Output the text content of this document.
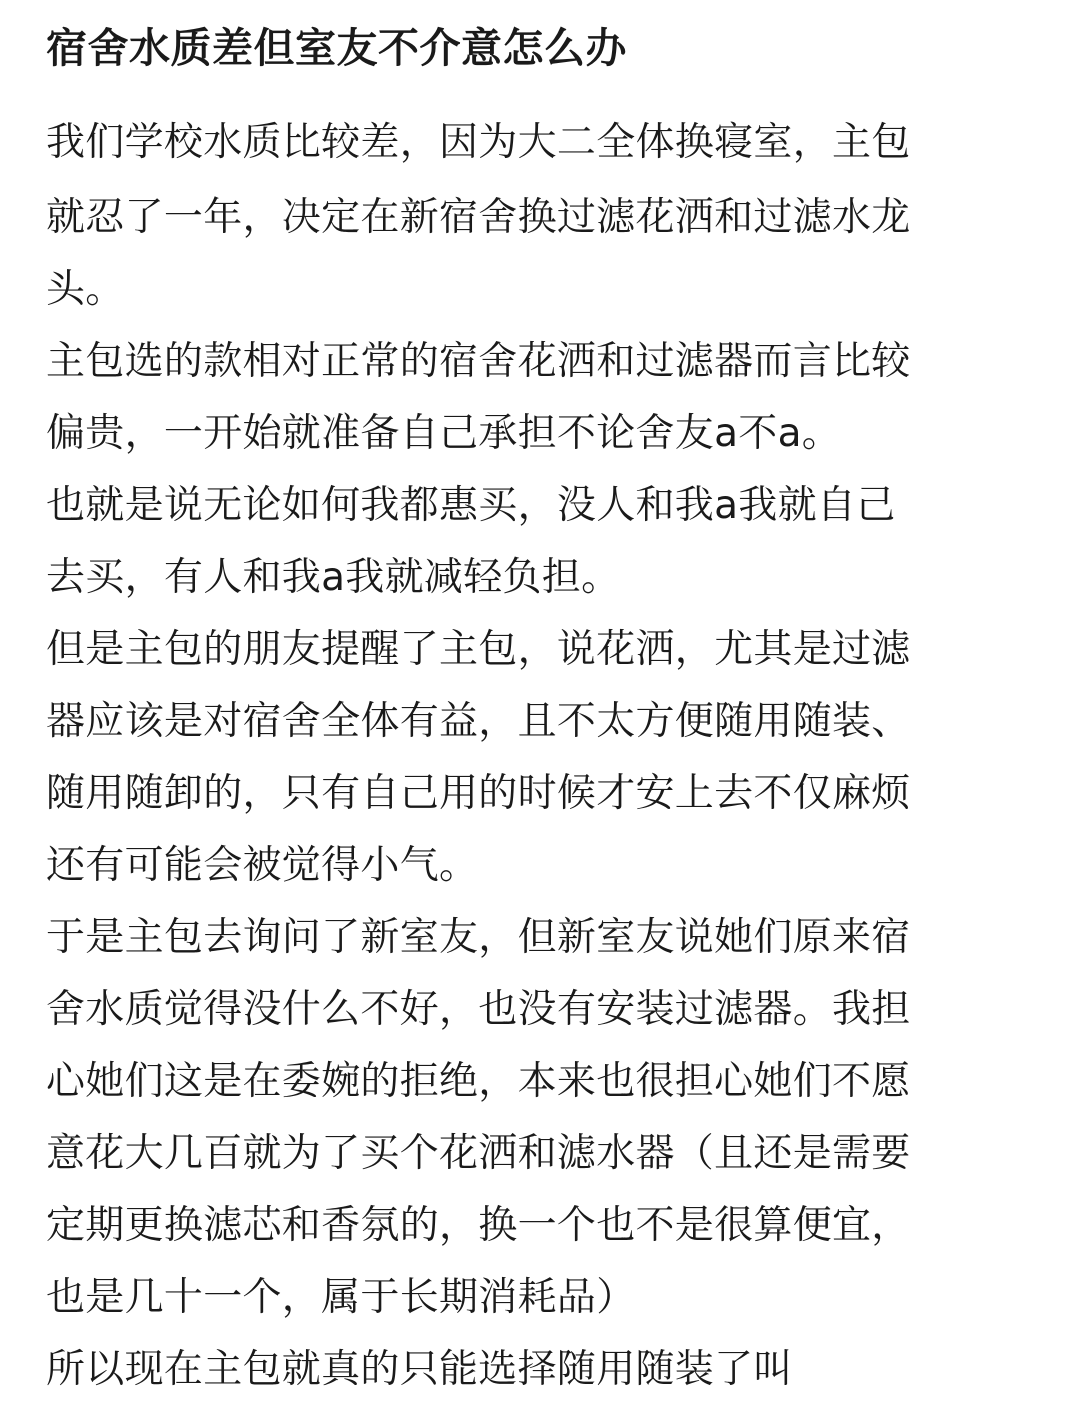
宿舍水质差但室友不介意怎么办
我们学校水质比较差，因为大二全体换寝室，主包
就忍了一年，决定在新宿舍换过滤花洒和过滤水龙
头。
主包选的款相对正常的宿舍花洒和过滤器而言比较
偏贵，一开始就准备自己承担不论舍友a不a。
也就是说无论如何我都惠买，没人和我a我就自己
去买，有人和我a我就减轻负担。
但是主包的朋友提醒了主包，说花洒，尤其是过滤
器应该是对宿舍全体有益，且不太方便随用随装、
随用随卸的，只有自己用的时候才安上去不仅麻烦
还有可能会被觉得小气。
于是主包去询问了新室友，但新室友说她们原来宿
舍水质觉得没什么不好，也没有安装过滤器。我担
心她们这是在委婉的拒绝，本来也很担心她们不愿
意花大几百就为了买个花洒和滤水器（且还是需要
定期更换滤芯和香氛的，换一个也不是很算便宜，
也是几十一个，属于长期消耗品）
所以现在主包就真的只能选择随用随装了叫
